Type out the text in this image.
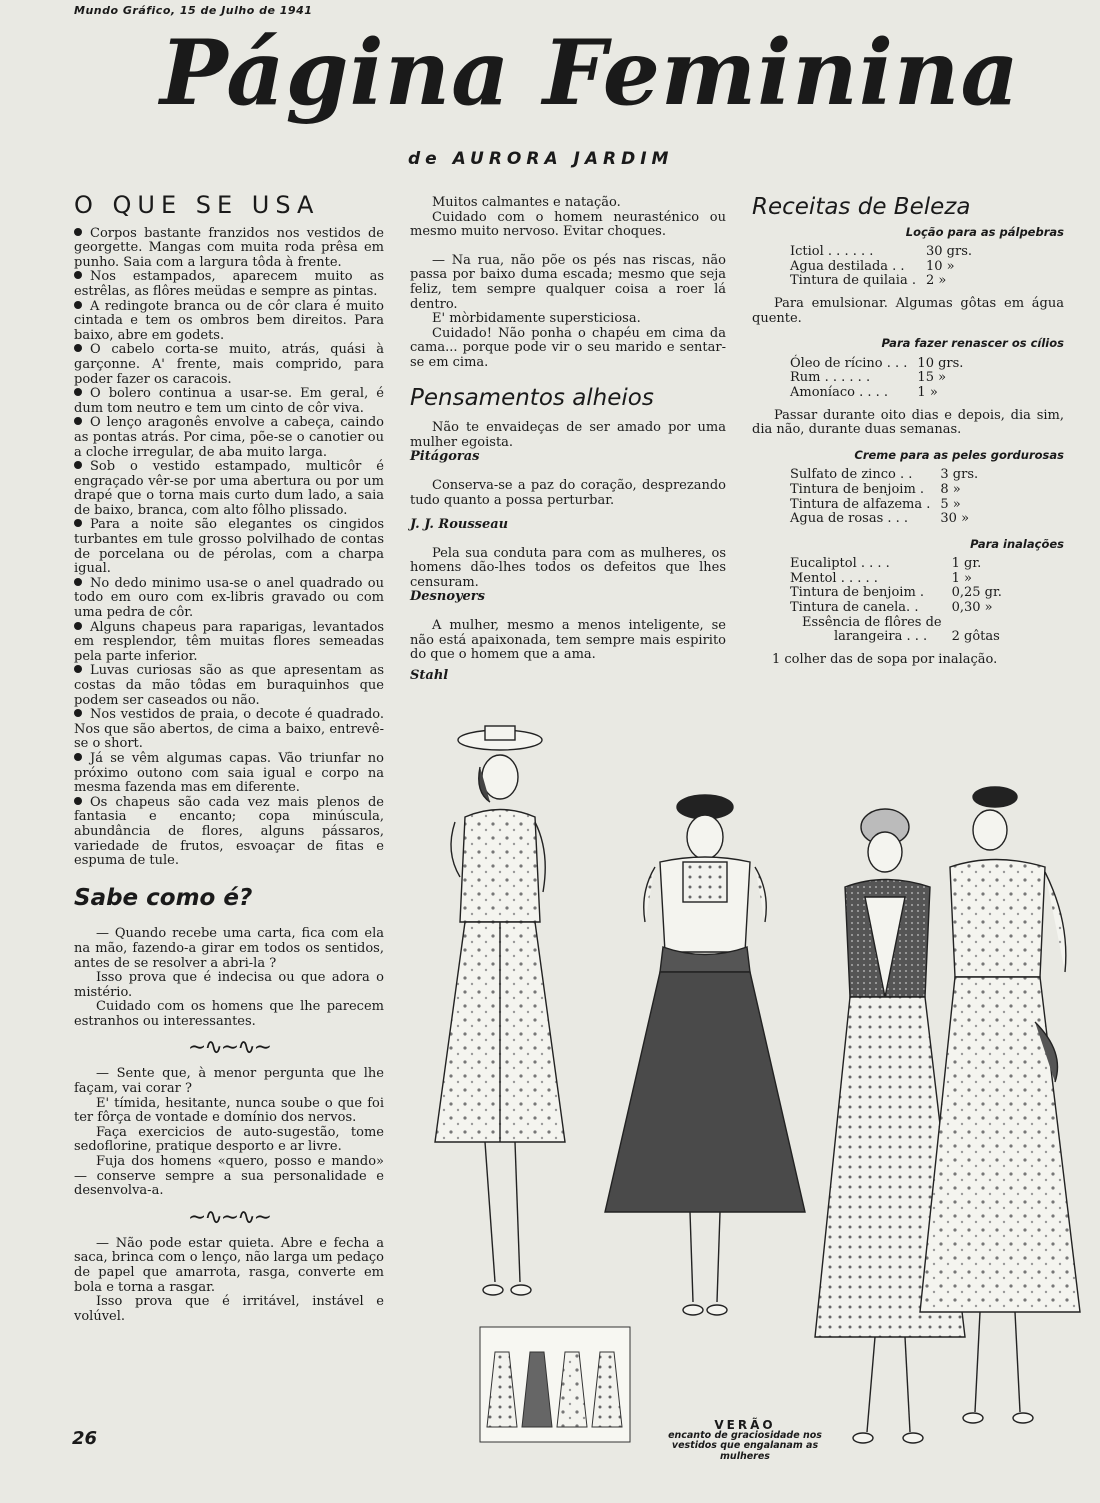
Mundo Gráfico, 15 de Julho de 1941
Página Feminina
de AURORA JARDIM
O QUE SE USA

Corpos bastante franzidos nos vestidos de georgette. Mangas com muita roda prêsa em punho. Saia com a largura tôda à frente.

Nos estampados, aparecem muito as estrêlas, as flôres meüdas e sempre as pintas.

A redingote branca ou de côr clara é muito cintada e tem os ombros bem direitos. Para baixo, abre em godets.

O cabelo corta-se muito, atrás, quási à garçonne. A' frente, mais comprido, para poder fazer os caracois.

O bolero continua a usar-se. Em geral, é dum tom neutro e tem um cinto de côr viva.

O lenço aragonês envolve a cabeça, caindo as pontas atrás. Por cima, põe-se o canotier ou a cloche irregular, de aba muito larga.

Sob o vestido estampado, multicôr é engraçado vêr-se por uma abertura ou por um drapé que o torna mais curto dum lado, a saia de baixo, branca, com alto fôlho plissado.

Para a noite são elegantes os cingidos turbantes em tule grosso polvilhado de contas de porcelana ou de pérolas, com a charpa igual.

No dedo minimo usa-se o anel quadrado ou todo em ouro com ex-libris gravado ou com uma pedra de côr.

Alguns chapeus para raparigas, levantados em resplendor, têm muitas flores semeadas pela parte inferior.

Luvas curiosas são as que apresentam as costas da mão tôdas em buraquinhos que podem ser caseados ou não.

Nos vestidos de praia, o decote é quadrado. Nos que são abertos, de cima a baixo, entrevê-se o short.

Já se vêm algumas capas. Vão triunfar no próximo outono com saia igual e corpo na mesma fazenda mas em diferente.

Os chapeus são cada vez mais plenos de fantasia e encanto; copa minúscula, abundância de flores, alguns pássaros, variedade de frutos, esvoaçar de fitas e espuma de tule.

Sabe como é?

— Quando recebe uma carta, fica com ela na mão, fazendo-a girar em todos os sentidos, antes de se resolver a abri-la ?

Isso prova que é indecisa ou que adora o mistério.

Cuidado com os homens que lhe parecem estranhos ou interessantes.

∼∿∼∿∼

— Sente que, à menor pergunta que lhe façam, vai corar ?

E' tímida, hesitante, nunca soube o que foi ter fôrça de vontade e domínio dos nervos.

Faça exercicios de auto-sugestão, tome sedoflorine, pratique desporto e ar livre.

Fuja dos homens «quero, posso e mando» — conserve sempre a sua personalidade e desenvolva-a.

∼∿∼∿∼

— Não pode estar quieta. Abre e fecha a saca, brinca com o lenço, não larga um pedaço de papel que amarrota, rasga, converte em bola e torna a rasgar.

Isso prova que é irritável, instável e volúvel.

Muitos calmantes e natação.

Cuidado com o homem neurasténico ou mesmo muito nervoso. Evitar choques.

— Na rua, não põe os pés nas riscas, não passa por baixo duma escada; mesmo que seja feliz, tem sempre qualquer coisa a roer lá dentro.

E' mòrbidamente supersticiosa.

Cuidado! Não ponha o chapéu em cima da cama... porque pode vir o seu marido e sentar-se em cima.

Pensamentos alheios

Não te envaideças de ser amado por uma mulher egoista.

Pitágoras

Conserva-se a paz do coração, desprezando tudo quanto a possa perturbar.

J. J. Rousseau

Pela sua conduta para com as mulheres, os homens dão-lhes todos os defeitos que lhes censuram.

Desnoyers

A mulher, mesmo a menos inteligente, se não está apaixonada, tem sempre mais espirito do que o homem que a ama.

Stahl

Receitas de Beleza
Loção para as pálpebras
Ictiol . . . . . .	30 grs.
Agua destilada . .	10 »
Tintura de quilaia .	2 »

Para emulsionar. Algumas gôtas em água quente.

Para fazer renascer os cílios
Óleo de rícino . . .	10 grs.
Rum . . . . . .	15 »
Amoníaco . . . .	1 »

Passar durante oito dias e depois, dia sim, dia não, durante duas semanas.

Creme para as peles gordurosas
Sulfato de zinco . .	3 grs.
Tintura de benjoim .	8 »
Tintura de alfazema .	5 »
Agua de rosas . . .	30 »
Para inalações
Eucaliptol . . . .	1 gr.
Mentol . . . . .	1 »
Tintura de benjoim .	0,25 gr.
Tintura de canela. .	0,30 »
Essência de flôres de	
larangeira . . .	2 gôtas

1 colher das de sopa por inalação.

VERÃO
encanto de graciosidade nos vestidos que engalanam as mulheres
26
